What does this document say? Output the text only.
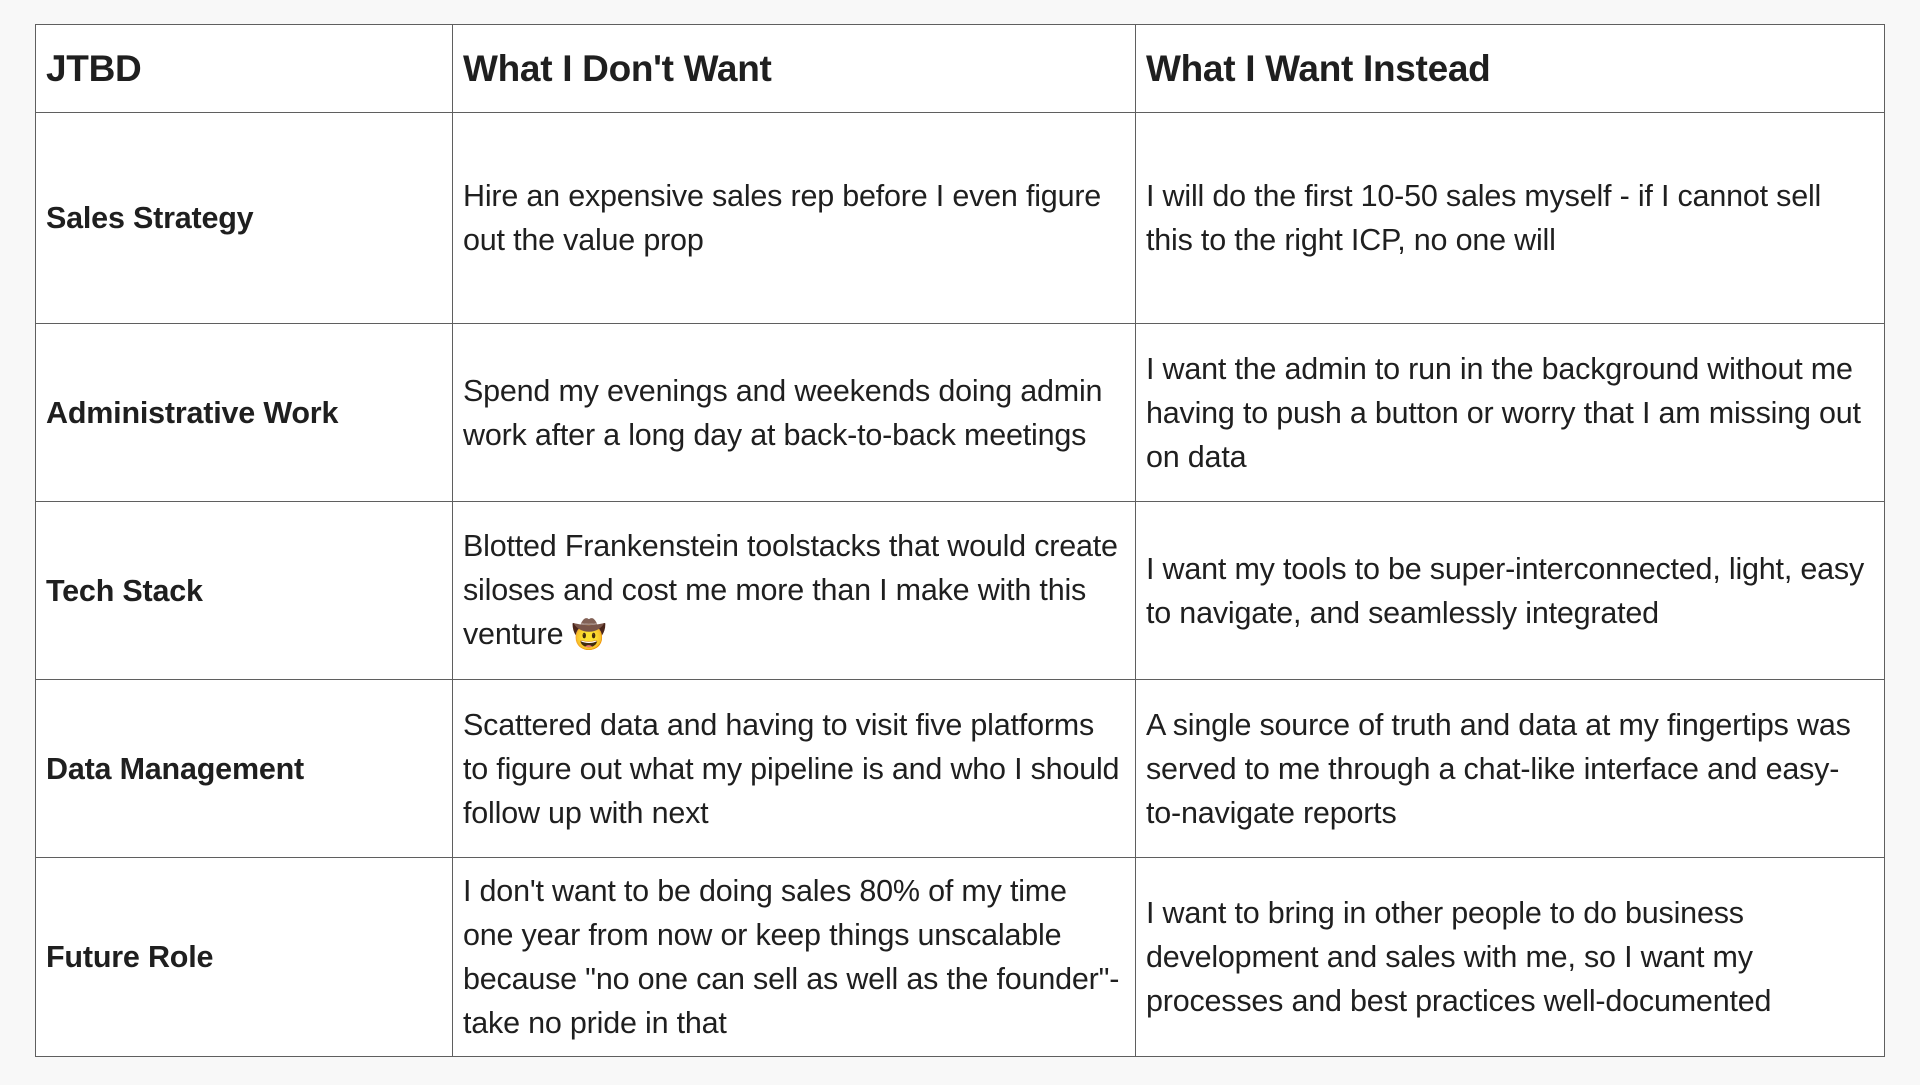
JTBD	What I Don't Want	What I Want Instead
Sales Strategy	Hire an expensive sales rep before I even figure out the value prop	I will do the first 10-50 sales myself - if I cannot sell this to the right ICP, no one will
Administrative Work	Spend my evenings and weekends doing admin work after a long day at back-to-back meetings	I want the admin to run in the background without me having to push a button or worry that I am missing out on data
Tech Stack	Blotted Frankenstein toolstacks that would create siloses and cost me more than I make with this venture 🤠	I want my tools to be super-interconnected, light, easy to navigate, and seamlessly integrated
Data Management	Scattered data and having to visit five platforms to figure out what my pipeline is and who I should follow up with next	A single source of truth and data at my fingertips was served to me through a chat-like interface and easy-to-navigate reports
Future Role	I don't want to be doing sales 80% of my time one year from now or keep things unscalable because "no one can sell as well as the founder"- take no pride in that	I want to bring in other people to do business development and sales with me, so I want my processes and best practices well-documented
